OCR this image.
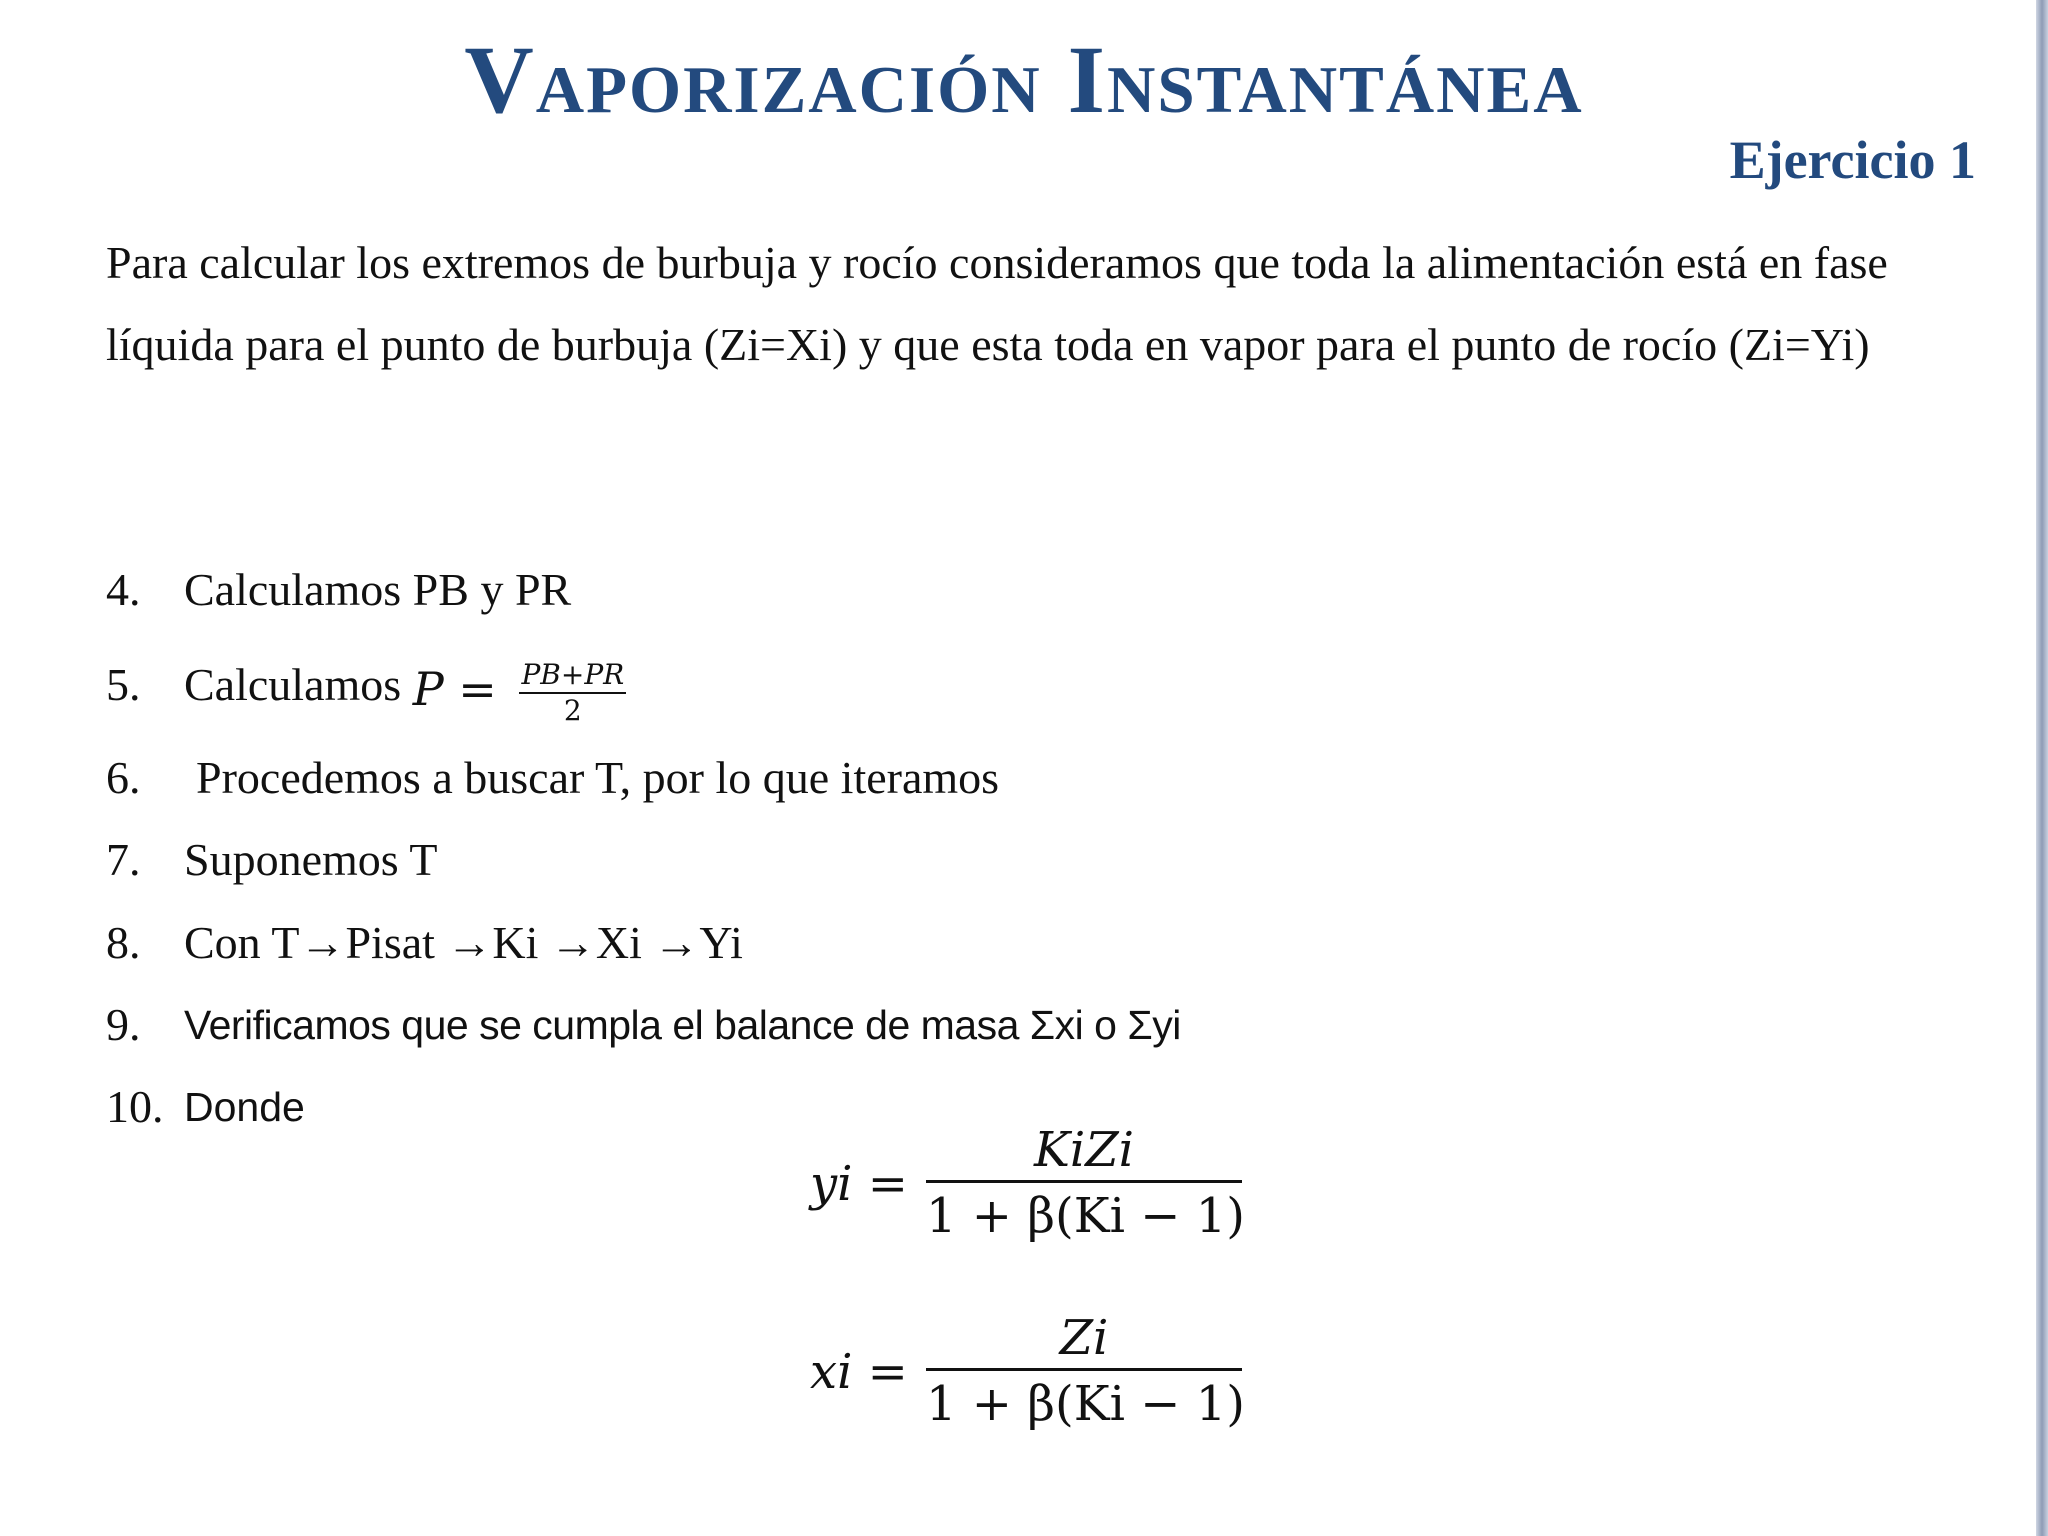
Vaporización Instantánea
Ejercicio 1

Para calcular los extremos de burbuja y rocío consideramos que toda la alimentación está en fase líquida para el punto de burbuja (Zi=Xi) y que esta toda en vapor para el punto de rocío (Zi=Yi)

4. Calculamos PB y PR
5. Calculamos $P = \frac{PB+PR}{2}$
6. Procedemos a buscar T, por lo que iteramos
7. Suponemos T
8. Con T→Pisat →Ki →Xi →Yi
9. Verificamos que se cumpla el balance de masa Σxi o Σyi
10. Donde
yi =
KiZi
1 + β(Ki − 1)
xi = $\frac{Zi}{1 + \beta(Ki - 1)}$
